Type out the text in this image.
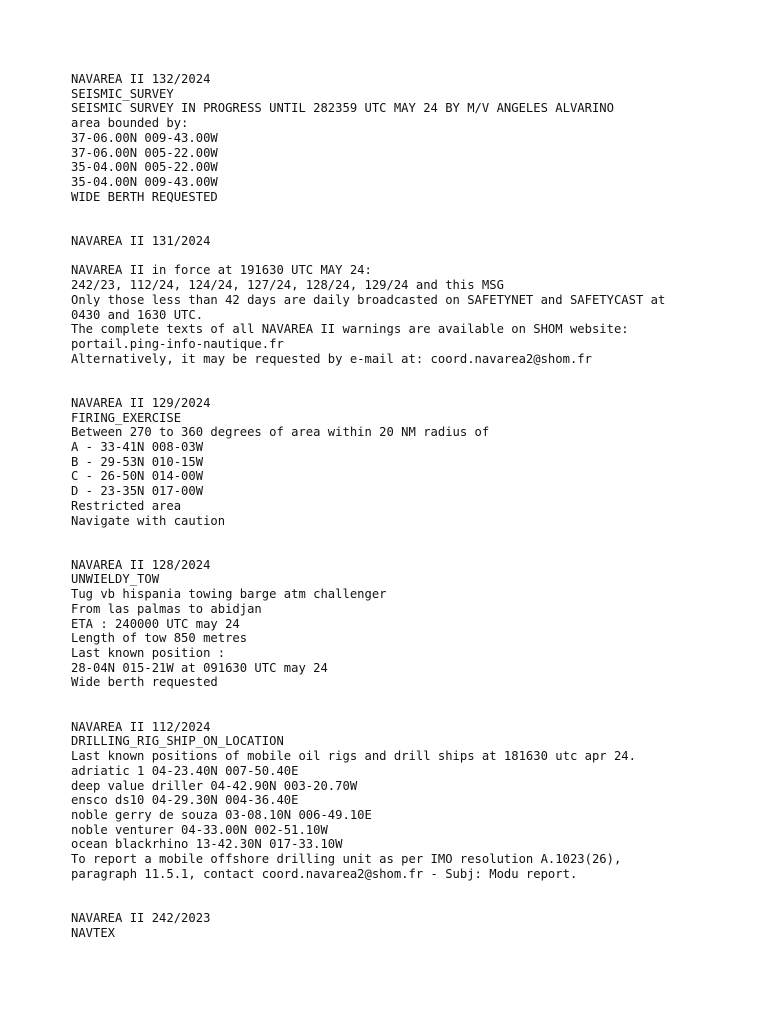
NAVAREA II 132/2024
SEISMIC_SURVEY
SEISMIC SURVEY IN PROGRESS UNTIL 282359 UTC MAY 24 BY M/V ANGELES ALVARINO
area bounded by:
37-06.00N 009-43.00W
37-06.00N 005-22.00W
35-04.00N 005-22.00W
35-04.00N 009-43.00W
WIDE BERTH REQUESTED
NAVAREA II 131/2024
NAVAREA II in force at 191630 UTC MAY 24:
242/23, 112/24, 124/24, 127/24, 128/24, 129/24 and this MSG
Only those less than 42 days are daily broadcasted on SAFETYNET and SAFETYCAST at
0430 and 1630 UTC.
The complete texts of all NAVAREA II warnings are available on SHOM website:
portail.ping-info-nautique.fr
Alternatively, it may be requested by e-mail at: coord.navarea2@shom.fr
NAVAREA II 129/2024
FIRING_EXERCISE
Between 270 to 360 degrees of area within 20 NM radius of
A - 33-41N 008-03W
B - 29-53N 010-15W
C - 26-50N 014-00W
D - 23-35N 017-00W
Restricted area
Navigate with caution
NAVAREA II 128/2024
UNWIELDY_TOW
Tug vb hispania towing barge atm challenger
From las palmas to abidjan
ETA : 240000 UTC may 24
Length of tow 850 metres
Last known position :
28-04N 015-21W at 091630 UTC may 24
Wide berth requested
NAVAREA II 112/2024
DRILLING_RIG_SHIP_ON_LOCATION
Last known positions of mobile oil rigs and drill ships at 181630 utc apr 24.
adriatic 1 04-23.40N 007-50.40E
deep value driller 04-42.90N 003-20.70W
ensco ds10 04-29.30N 004-36.40E
noble gerry de souza 03-08.10N 006-49.10E
noble venturer 04-33.00N 002-51.10W
ocean blackrhino 13-42.30N 017-33.10W
To report a mobile offshore drilling unit as per IMO resolution A.1023(26),
paragraph 11.5.1, contact coord.navarea2@shom.fr - Subj: Modu report.
NAVAREA II 242/2023
NAVTEX
